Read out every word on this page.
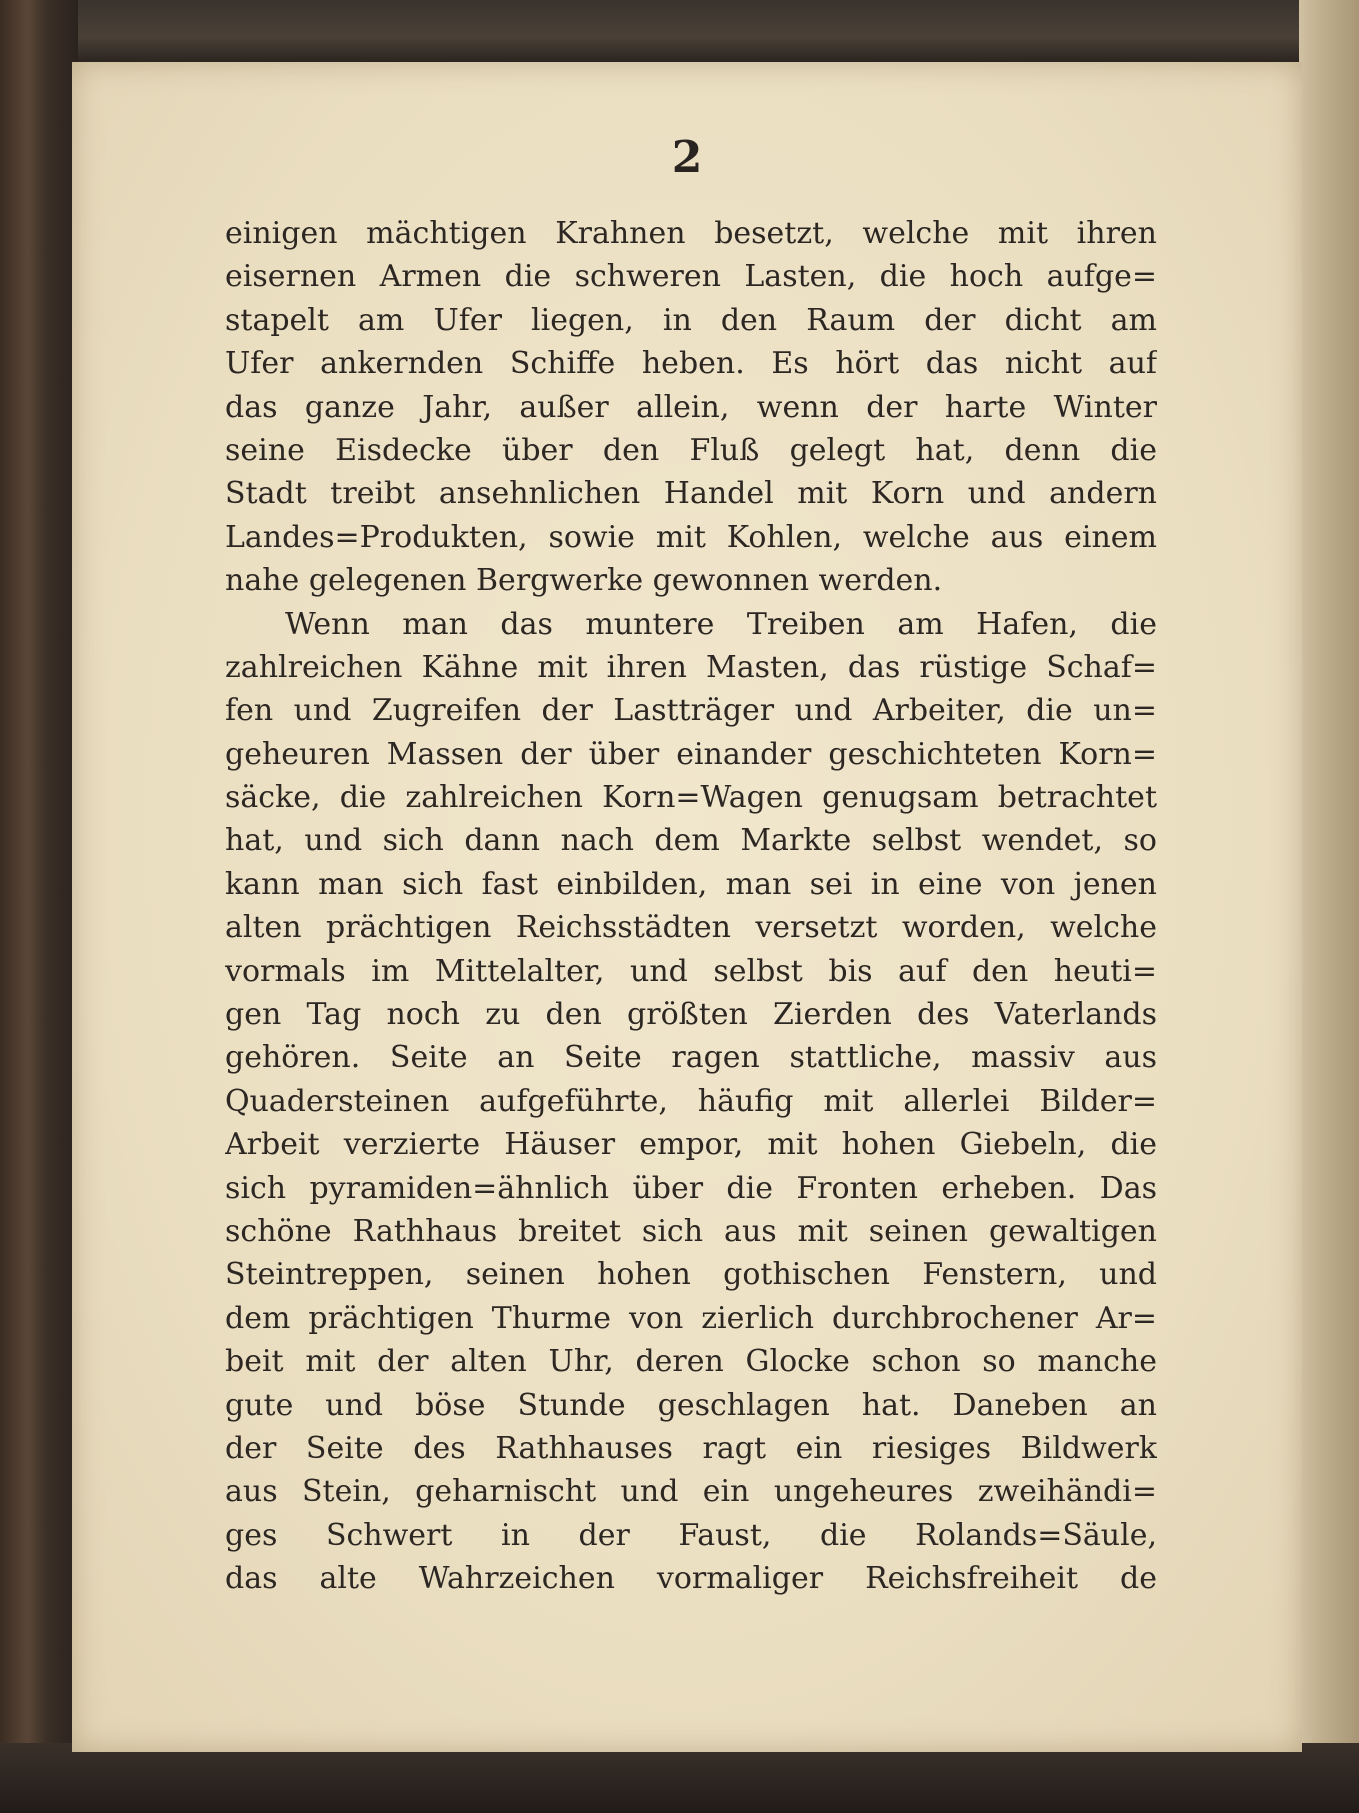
2
einigen mächtigen Krahnen besetzt, welche mit ihren
eisernen Armen die schweren Lasten, die hoch aufge=
stapelt am Ufer liegen, in den Raum der dicht am
Ufer ankernden Schiffe heben. Es hört das nicht auf
das ganze Jahr, außer allein, wenn der harte Winter
seine Eisdecke über den Fluß gelegt hat, denn die
Stadt treibt ansehnlichen Handel mit Korn und andern
Landes=Produkten, sowie mit Kohlen, welche aus einem
nahe gelegenen Bergwerke gewonnen werden.
Wenn man das muntere Treiben am Hafen, die
zahlreichen Kähne mit ihren Masten, das rüstige Schaf=
fen und Zugreifen der Lastträger und Arbeiter, die un=
geheuren Massen der über einander geschichteten Korn=
säcke, die zahlreichen Korn=Wagen genugsam betrachtet
hat, und sich dann nach dem Markte selbst wendet, so
kann man sich fast einbilden, man sei in eine von jenen
alten prächtigen Reichsstädten versetzt worden, welche
vormals im Mittelalter, und selbst bis auf den heuti=
gen Tag noch zu den größten Zierden des Vaterlands
gehören. Seite an Seite ragen stattliche, massiv aus
Quadersteinen aufgeführte, häufig mit allerlei Bilder=
Arbeit verzierte Häuser empor, mit hohen Giebeln, die
sich pyramiden=ähnlich über die Fronten erheben. Das
schöne Rathhaus breitet sich aus mit seinen gewaltigen
Steintreppen, seinen hohen gothischen Fenstern, und
dem prächtigen Thurme von zierlich durchbrochener Ar=
beit mit der alten Uhr, deren Glocke schon so manche
gute und böse Stunde geschlagen hat. Daneben an
der Seite des Rathhauses ragt ein riesiges Bildwerk
aus Stein, geharnischt und ein ungeheures zweihändi=
ges Schwert in der Faust, die Rolands=Säule,
das alte Wahrzeichen vormaliger Reichsfreiheit de
